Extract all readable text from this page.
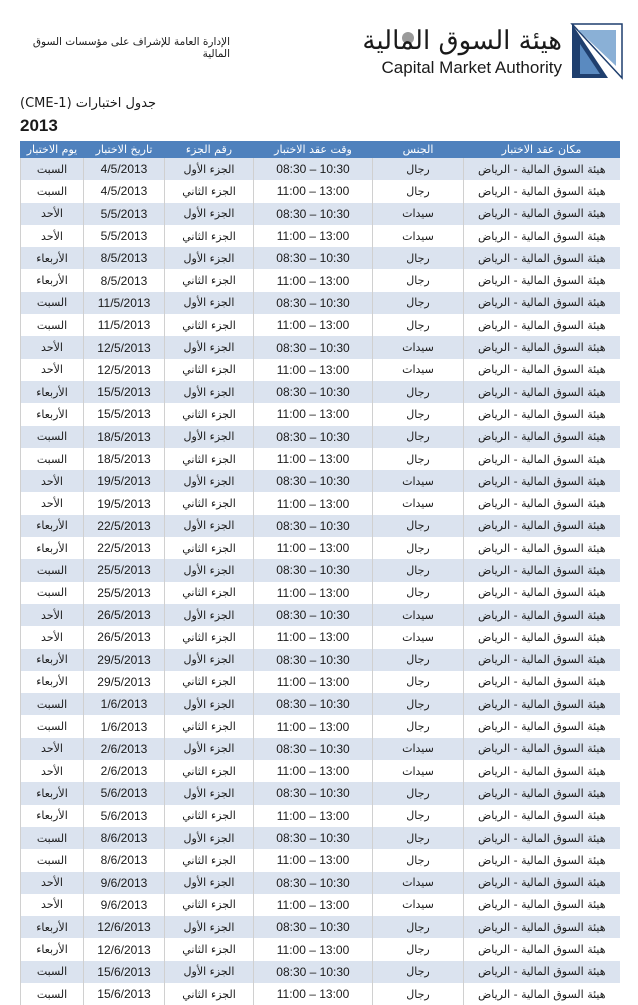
الإدارة العامة للإشراف على مؤسسات السوق المالية	هيئة السوق المالية
Capital Market Authority
جدول اختبارات (CME-1)
2013
مكان عقد الاختبار	الجنس	وقت عقد الاختبار	رقم الجزء	تاريخ الاختبار	يوم الاختبار
هيئة السوق المالية - الرياض	رجال	08:30 – 10:30	الجزء الأول	4/5/2013	السبت
هيئة السوق المالية - الرياض	رجال	11:00 – 13:00	الجزء الثاني	4/5/2013	السبت
هيئة السوق المالية - الرياض	سيدات	08:30 – 10:30	الجزء الأول	5/5/2013	الأحد
هيئة السوق المالية - الرياض	سيدات	11:00 – 13:00	الجزء الثاني	5/5/2013	الأحد
هيئة السوق المالية - الرياض	رجال	08:30 – 10:30	الجزء الأول	8/5/2013	الأربعاء
هيئة السوق المالية - الرياض	رجال	11:00 – 13:00	الجزء الثاني	8/5/2013	الأربعاء
هيئة السوق المالية - الرياض	رجال	08:30 – 10:30	الجزء الأول	11/5/2013	السبت
هيئة السوق المالية - الرياض	رجال	11:00 – 13:00	الجزء الثاني	11/5/2013	السبت
هيئة السوق المالية - الرياض	سيدات	08:30 – 10:30	الجزء الأول	12/5/2013	الأحد
هيئة السوق المالية - الرياض	سيدات	11:00 – 13:00	الجزء الثاني	12/5/2013	الأحد
هيئة السوق المالية - الرياض	رجال	08:30 – 10:30	الجزء الأول	15/5/2013	الأربعاء
هيئة السوق المالية - الرياض	رجال	11:00 – 13:00	الجزء الثاني	15/5/2013	الأربعاء
هيئة السوق المالية - الرياض	رجال	08:30 – 10:30	الجزء الأول	18/5/2013	السبت
هيئة السوق المالية - الرياض	رجال	11:00 – 13:00	الجزء الثاني	18/5/2013	السبت
هيئة السوق المالية - الرياض	سيدات	08:30 – 10:30	الجزء الأول	19/5/2013	الأحد
هيئة السوق المالية - الرياض	سيدات	11:00 – 13:00	الجزء الثاني	19/5/2013	الأحد
هيئة السوق المالية - الرياض	رجال	08:30 – 10:30	الجزء الأول	22/5/2013	الأربعاء
هيئة السوق المالية - الرياض	رجال	11:00 – 13:00	الجزء الثاني	22/5/2013	الأربعاء
هيئة السوق المالية - الرياض	رجال	08:30 – 10:30	الجزء الأول	25/5/2013	السبت
هيئة السوق المالية - الرياض	رجال	11:00 – 13:00	الجزء الثاني	25/5/2013	السبت
هيئة السوق المالية - الرياض	سيدات	08:30 – 10:30	الجزء الأول	26/5/2013	الأحد
هيئة السوق المالية - الرياض	سيدات	11:00 – 13:00	الجزء الثاني	26/5/2013	الأحد
هيئة السوق المالية - الرياض	رجال	08:30 – 10:30	الجزء الأول	29/5/2013	الأربعاء
هيئة السوق المالية - الرياض	رجال	11:00 – 13:00	الجزء الثاني	29/5/2013	الأربعاء
هيئة السوق المالية - الرياض	رجال	08:30 – 10:30	الجزء الأول	1/6/2013	السبت
هيئة السوق المالية - الرياض	رجال	11:00 – 13:00	الجزء الثاني	1/6/2013	السبت
هيئة السوق المالية - الرياض	سيدات	08:30 – 10:30	الجزء الأول	2/6/2013	الأحد
هيئة السوق المالية - الرياض	سيدات	11:00 – 13:00	الجزء الثاني	2/6/2013	الأحد
هيئة السوق المالية - الرياض	رجال	08:30 – 10:30	الجزء الأول	5/6/2013	الأربعاء
هيئة السوق المالية - الرياض	رجال	11:00 – 13:00	الجزء الثاني	5/6/2013	الأربعاء
هيئة السوق المالية - الرياض	رجال	08:30 – 10:30	الجزء الأول	8/6/2013	السبت
هيئة السوق المالية - الرياض	رجال	11:00 – 13:00	الجزء الثاني	8/6/2013	السبت
هيئة السوق المالية - الرياض	سيدات	08:30 – 10:30	الجزء الأول	9/6/2013	الأحد
هيئة السوق المالية - الرياض	سيدات	11:00 – 13:00	الجزء الثاني	9/6/2013	الأحد
هيئة السوق المالية - الرياض	رجال	08:30 – 10:30	الجزء الأول	12/6/2013	الأربعاء
هيئة السوق المالية - الرياض	رجال	11:00 – 13:00	الجزء الثاني	12/6/2013	الأربعاء
هيئة السوق المالية - الرياض	رجال	08:30 – 10:30	الجزء الأول	15/6/2013	السبت
هيئة السوق المالية - الرياض	رجال	11:00 – 13:00	الجزء الثاني	15/6/2013	السبت
